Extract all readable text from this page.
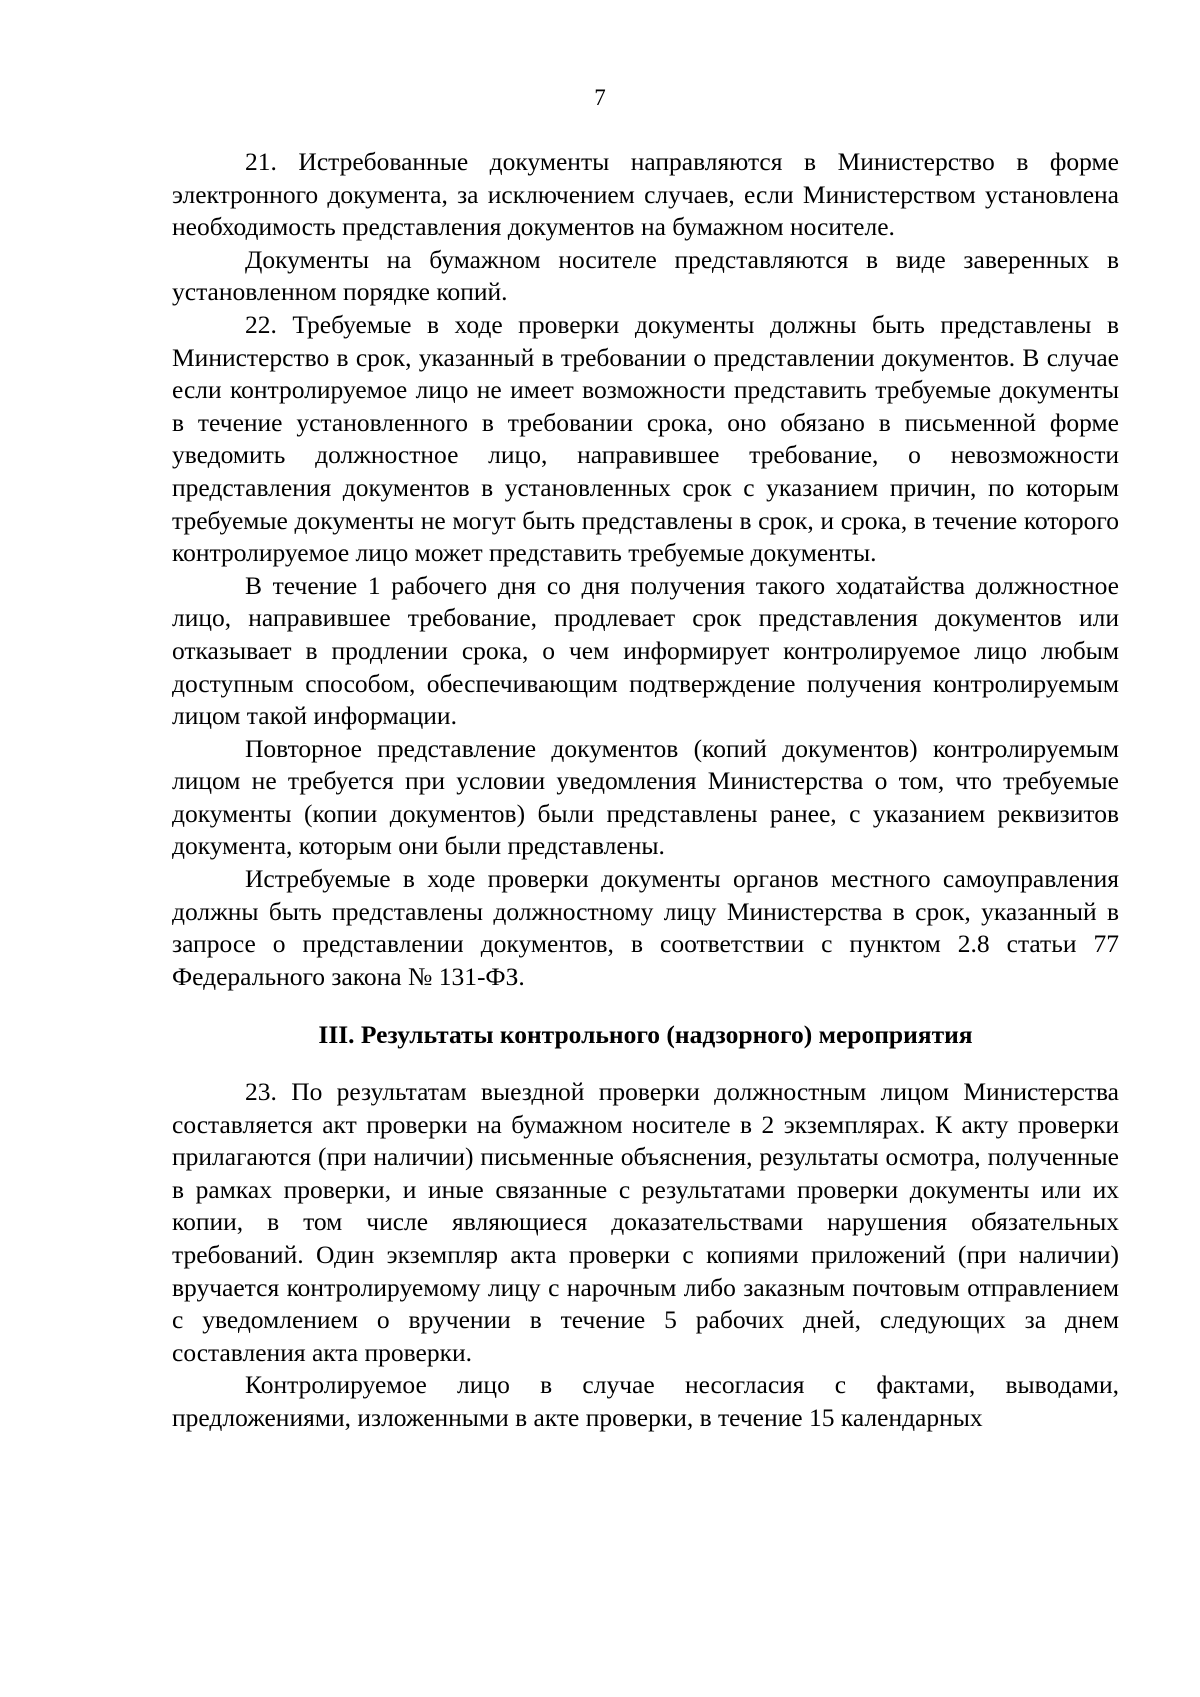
7

21. Истребованные документы направляются в Министерство в форме электронного документа, за исключением случаев, если Министерством установлена необходимость представления документов на бумажном носителе.

Документы на бумажном носителе представляются в виде заверенных в установленном порядке копий.

22. Требуемые в ходе проверки документы должны быть представлены в Министерство в срок, указанный в требовании о представлении документов. В случае если контролируемое лицо не имеет возможности представить требуемые документы в течение установленного в требовании срока, оно обязано в письменной форме уведомить должностное лицо, направившее требование, о невозможности представления документов в установленных срок с указанием причин, по которым требуемые документы не могут быть представлены в срок, и срока, в течение которого контролируемое лицо может представить требуемые документы.

В течение 1 рабочего дня со дня получения такого ходатайства должностное лицо, направившее требование, продлевает срок представления документов или отказывает в продлении срока, о чем информирует контролируемое лицо любым доступным способом, обеспечивающим подтверждение получения контролируемым лицом такой информации.

Повторное представление документов (копий документов) контролируемым лицом не требуется при условии уведомления Министерства о том, что требуемые документы (копии документов) были представлены ранее, с указанием реквизитов документа, которым они были представлены.

Истребуемые в ходе проверки документы органов местного самоуправления должны быть представлены должностному лицу Министерства в срок, указанный в запросе о представлении документов, в соответствии с пунктом 2.8 статьи 77 Федерального закона № 131-ФЗ.

III. Результаты контрольного (надзорного) мероприятия

23. По результатам выездной проверки должностным лицом Министерства составляется акт проверки на бумажном носителе в 2 экземплярах. К акту проверки прилагаются (при наличии) письменные объяснения, результаты осмотра, полученные в рамках проверки, и иные связанные с результатами проверки документы или их копии, в том числе являющиеся доказательствами нарушения обязательных требований. Один экземпляр акта проверки с копиями приложений (при наличии) вручается контролируемому лицу с нарочным либо заказным почтовым отправлением с уведомлением о вручении в течение 5 рабочих дней, следующих за днем составления акта проверки.

Контролируемое лицо в случае несогласия с фактами, выводами, предложениями, изложенными в акте проверки, в течение 15 календарных
